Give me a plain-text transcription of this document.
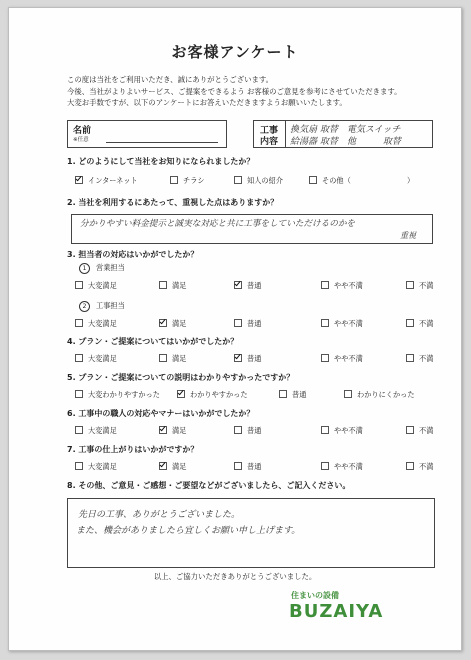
お客様アンケート
この度は当社をご利用いただき、誠にありがとうございます。
今後、当社がよりよいサービス、ご提案をできるよう お客様のご意見を参考にさせていただきます。
大変お手数ですが、以下のアンケートにお答えいただきますようお願いいたします。
名前
※任意
工事
内容
換気扇 取替　電気スイッチ
給湯器 取替　他　　　取替
1. どのようにして当社をお知りになられましたか？
インターネット	チラシ	知人の紹介	その他（	）
2. 当社を利用するにあたって、重視した点はありますか？
分かりやすい料金提示と誠実な対応と共に工事をしていただけるのかを
重視
3. 担当者の対応はいかがでしたか？
1 営業担当
大変満足	満足	普通	やや不満	不満
2 工事担当
大変満足	満足	普通	やや不満	不満
4. プラン・ご提案についてはいかがでしたか？
大変満足	満足	普通	やや不満	不満
5. プラン・ご提案についての説明はわかりやすかったですか？
大変わかりやすかった	わかりやすかった	普通	わかりにくかった
6. 工事中の職人の対応やマナーはいかがでしたか？
大変満足	満足	普通	やや不満	不満
7. 工事の仕上がりはいかがですか？
大変満足	満足	普通	やや不満	不満
8. その他、ご意見・ご感想・ご要望などがございましたら、ご記入ください。
先日の工事、ありがとうございました。
また、機会がありましたら宜しくお願い申し上げます。
以上、ご協力いただきありがとうございました。
住まいの設備
BUZAIYA
